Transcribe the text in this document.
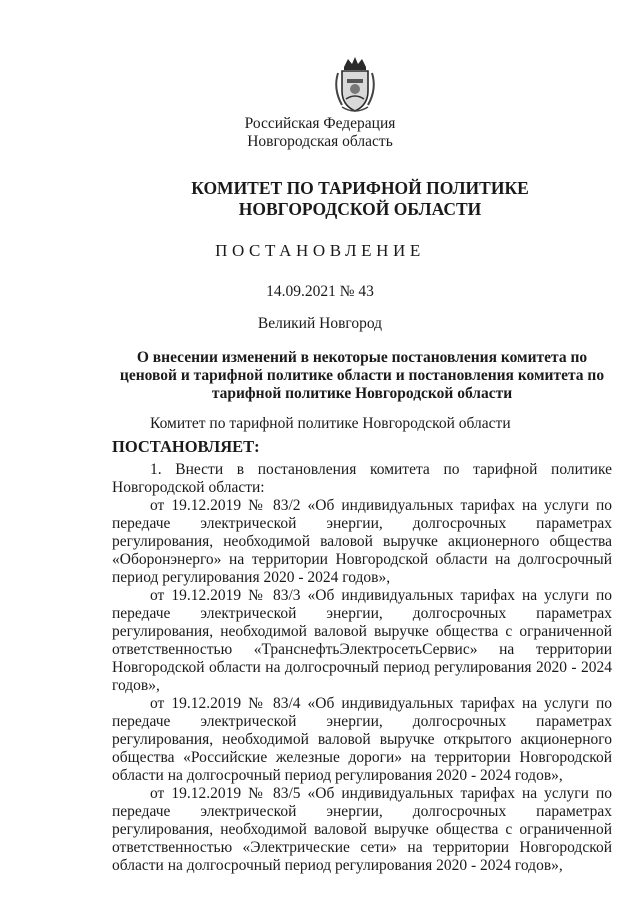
Российская Федерация
Новгородская область
КОМИТЕТ ПО ТАРИФНОЙ ПОЛИТИКЕ НОВГОРОДСКОЙ ОБЛАСТИ
ПОСТАНОВЛЕНИЕ
14.09.2021 № 43
Великий Новгород
О внесении изменений в некоторые постановления комитета по ценовой и тарифной политике области и постановления комитета по тарифной политике Новгородской области
Комитет по тарифной политике Новгородской области
ПОСТАНОВЛЯЕТ:

1. Внести в постановления комитета по тарифной политике Новгородской области:

от 19.12.2019 № 83/2 «Об индивидуальных тарифах на услуги по передаче электрической энергии, долгосрочных параметрах регулирования, необходимой валовой выручке акционерного общества «Оборонэнерго» на территории Новгородской области на долгосрочный период регулирования 2020 - 2024 годов»,

от 19.12.2019 № 83/3 «Об индивидуальных тарифах на услуги по передаче электрической энергии, долгосрочных параметрах регулирования, необходимой валовой выручке общества с ограниченной ответственностью «ТранснефтьЭлектросетьСервис» на территории Новгородской области на долгосрочный период регулирования 2020 - 2024 годов»,

от 19.12.2019 № 83/4 «Об индивидуальных тарифах на услуги по передаче электрической энергии, долгосрочных параметрах регулирования, необходимой валовой выручке открытого акционерного общества «Российские железные дороги» на территории Новгородской области на долгосрочный период регулирования 2020 - 2024 годов»,

от 19.12.2019 № 83/5 «Об индивидуальных тарифах на услуги по передаче электрической энергии, долгосрочных параметрах регулирования, необходимой валовой выручке общества с ограниченной ответственностью «Электрические сети» на территории Новгородской области на долгосрочный период регулирования 2020 - 2024 годов»,
